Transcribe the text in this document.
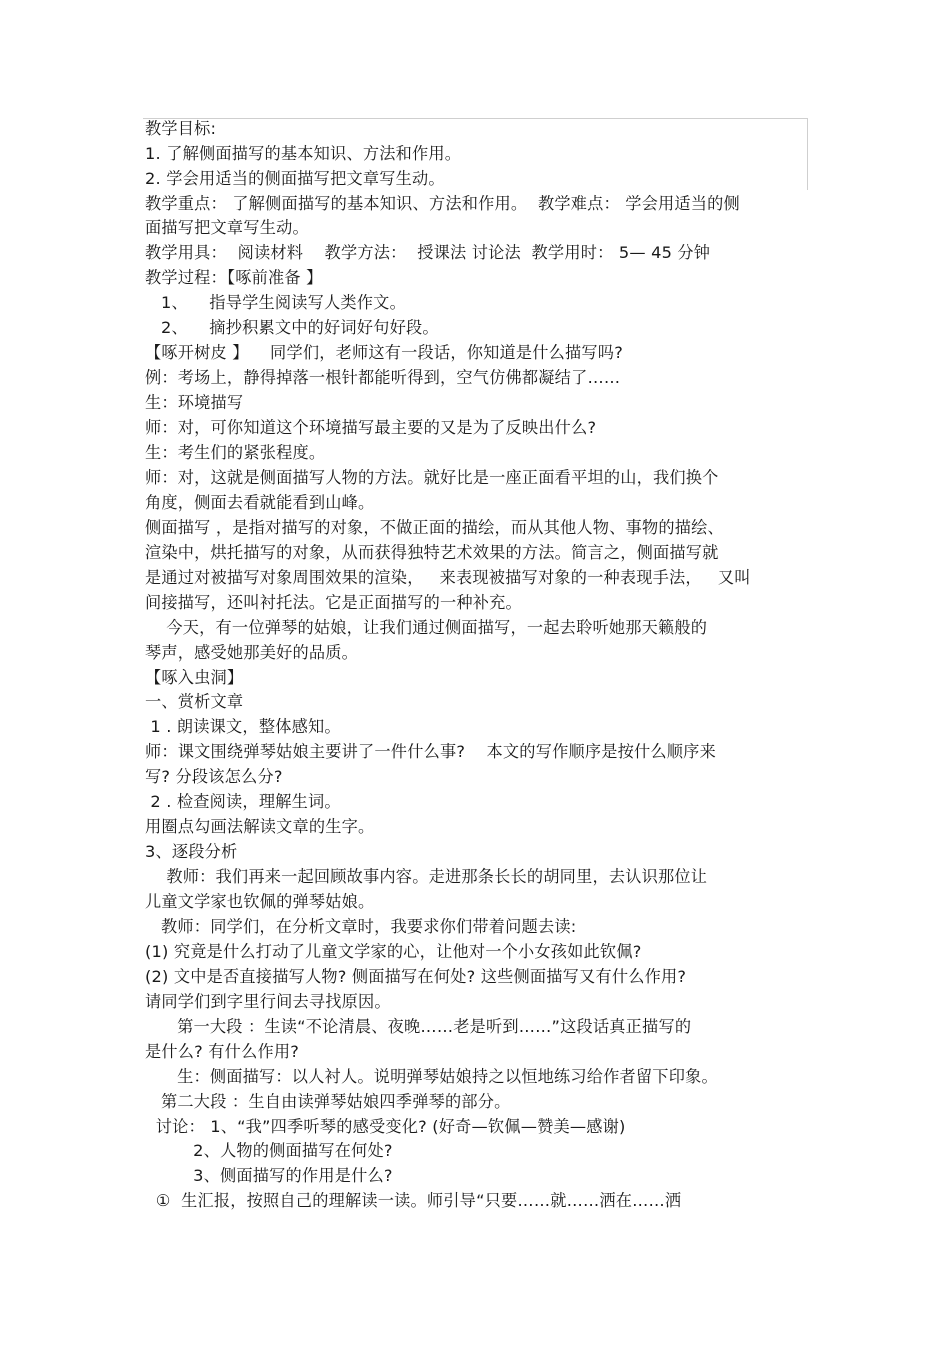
教学目标:
1. 了解侧面描写的基本知识、方法和作用。
2. 学会用适当的侧面描写把文章写生动。
教学重点： 了解侧面描写的基本知识、方法和作用。  教学难点： 学会用适当的侧
面描写把文章写生动。
教学用具：  阅读材料    教学方法：  授课法 讨论法  教学用时： 5— 45 分钟
教学过程：【啄前准备 】
1、    指导学生阅读写人类作文。
2、    摘抄积累文中的好词好句好段。
【啄开树皮 】    同学们，老师这有一段话，你知道是什么描写吗?
例：考场上，静得掉落一根针都能听得到，空气仿佛都凝结了……
生：环境描写
师：对，可你知道这个环境描写最主要的又是为了反映出什么?
生：考生们的紧张程度。
师：对，这就是侧面描写人物的方法。就好比是一座正面看平坦的山，我们换个
角度，侧面去看就能看到山峰。
侧面描写 ，是指对描写的对象，不做正面的描绘，而从其他人物、事物的描绘、
渲染中，烘托描写的对象，从而获得独特艺术效果的方法。简言之，侧面描写就
是通过对被描写对象周围效果的渲染，   来表现被描写对象的一种表现手法，   又叫
间接描写，还叫衬托法。它是正面描写的一种补充。
今天，有一位弹琴的姑娘，让我们通过侧面描写，一起去聆听她那天籁般的
琴声，感受她那美好的品质。
【啄入虫洞】
一、赏析文章
1 . 朗读课文，整体感知。
师：课文围绕弹琴姑娘主要讲了一件什么事?    本文的写作顺序是按什么顺序来
写? 分段该怎么分?
2 . 检查阅读，理解生词。
用圈点勾画法解读文章的生字。
3、逐段分析
教师：我们再来一起回顾故事内容。走进那条长长的胡同里，去认识那位让
儿童文学家也钦佩的弹琴姑娘。
教师：同学们，在分析文章时，我要求你们带着问题去读:
(1) 究竟是什么打动了儿童文学家的心，让他对一个小女孩如此钦佩?
(2) 文中是否直接描写人物? 侧面描写在何处? 这些侧面描写又有什么作用?
请同学们到字里行间去寻找原因。
第一大段 ：生读“不论清晨、夜晚……老是听到……”这段话真正描写的
是什么? 有什么作用?
生：侧面描写：以人衬人。说明弹琴姑娘持之以恒地练习给作者留下印象。
第二大段 ：生自由读弹琴姑娘四季弹琴的部分。
讨论： 1、“我”四季听琴的感受变化? (好奇—钦佩—赞美—感谢)
2、人物的侧面描写在何处?
3、侧面描写的作用是什么?
①  生汇报，按照自己的理解读一读。师引导“只要……就……洒在……洒
